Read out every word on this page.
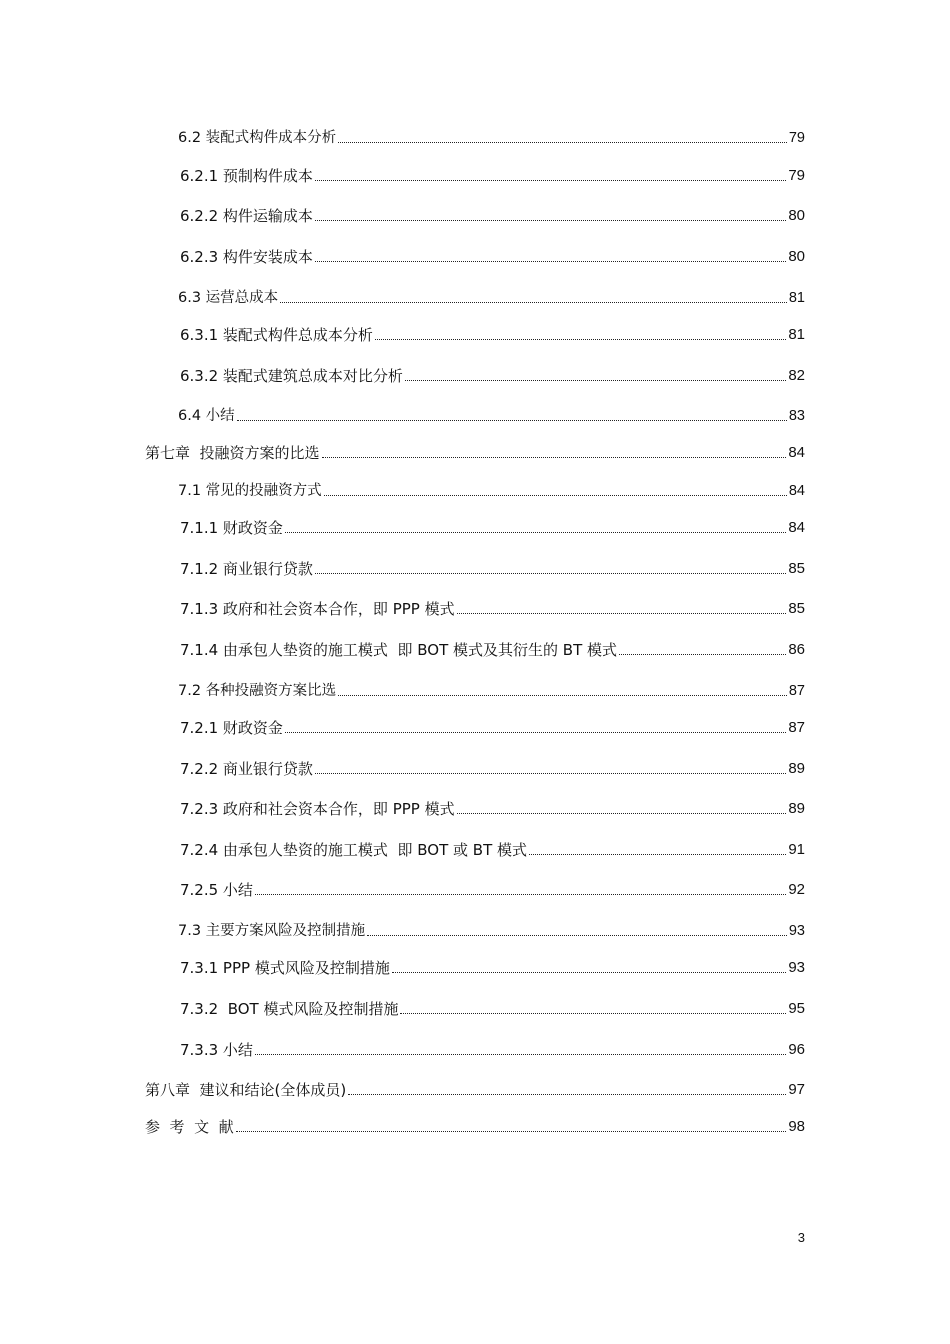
6.2 装配式构件成本分析	79
6.2.1 预制构件成本	79
6.2.2 构件运输成本	80
6.2.3 构件安装成本	80
6.3 运营总成本	81
6.3.1 装配式构件总成本分析	81
6.3.2 装配式建筑总成本对比分析	82
6.4 小结	83
第七章  投融资方案的比选	84
7.1 常见的投融资方式	84
7.1.1 财政资金	84
7.1.2 商业银行贷款	85
7.1.3 政府和社会资本合作，即 PPP 模式	85
7.1.4 由承包人垫资的施工模式  即 BOT 模式及其衍生的 BT 模式	86
7.2 各种投融资方案比选	87
7.2.1 财政资金	87
7.2.2 商业银行贷款	89
7.2.3 政府和社会资本合作，即 PPP 模式	89
7.2.4 由承包人垫资的施工模式  即 BOT 或 BT 模式	91
7.2.5 小结	92
7.3 主要方案风险及控制措施	93
7.3.1 PPP 模式风险及控制措施	93
7.3.2  BOT 模式风险及控制措施	95
7.3.3 小结	96
第八章  建议和结论(全体成员)	97
参  考  文  献	98
3
